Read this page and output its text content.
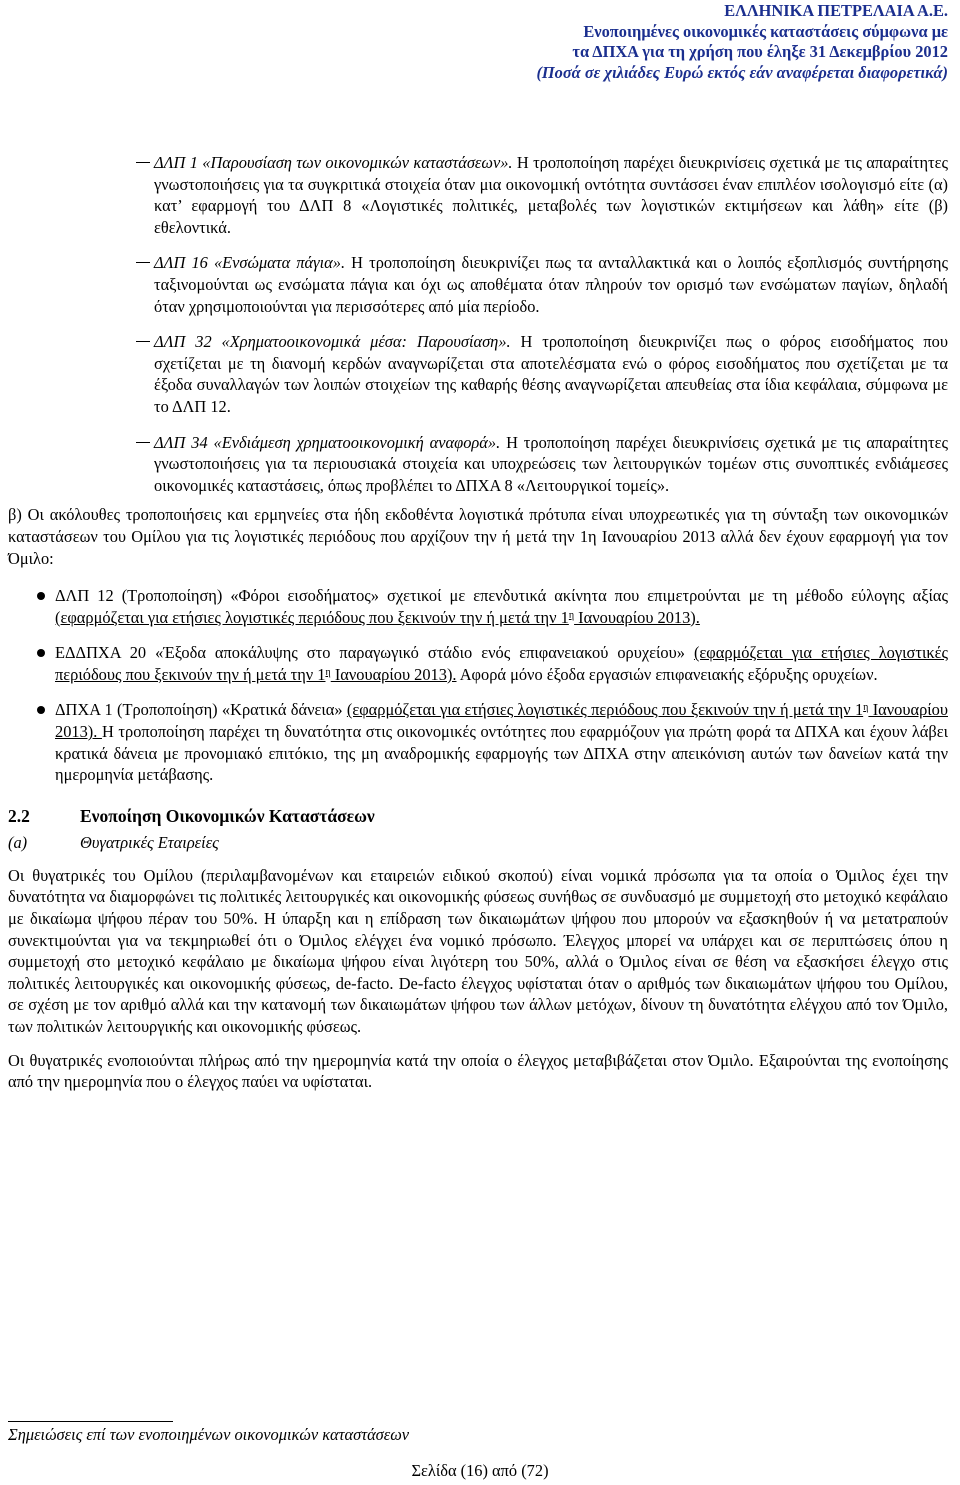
ΕΛΛΗΝΙΚΑ ΠΕΤΡΕΛΑΙΑ Α.Ε.
Ενοποιημένες οικονομικές καταστάσεις σύμφωνα με
τα ΔΠΧΑ για τη χρήση που έληξε 31 Δεκεμβρίου 2012
(Ποσά σε χιλιάδες Ευρώ εκτός εάν αναφέρεται διαφορετικά)
ΔΛΠ 1 «Παρουσίαση των οικονομικών καταστάσεων». Η τροποποίηση παρέχει διευκρινίσεις σχετικά με τις απαραίτητες γνωστοποιήσεις για τα συγκριτικά στοιχεία όταν μια οικονομική οντότητα συντάσσει έναν επιπλέον ισολογισμό είτε (α) κατ’ εφαρμογή του ΔΛΠ 8 «Λογιστικές πολιτικές, μεταβολές των λογιστικών εκτιμήσεων και λάθη» είτε (β) εθελοντικά.
ΔΛΠ 16 «Ενσώματα πάγια». Η τροποποίηση διευκρινίζει πως τα ανταλλακτικά και ο λοιπός εξοπλισμός συντήρησης ταξινομούνται ως ενσώματα πάγια και όχι ως αποθέματα όταν πληρούν τον ορισμό των ενσώματων παγίων, δηλαδή όταν χρησιμοποιούνται για περισσότερες από μία περίοδο.
ΔΛΠ 32 «Χρηματοοικονομικά μέσα: Παρουσίαση». Η τροποποίηση διευκρινίζει πως ο φόρος εισοδήματος που σχετίζεται με τη διανομή κερδών αναγνωρίζεται στα αποτελέσματα ενώ ο φόρος εισοδήματος που σχετίζεται με τα έξοδα συναλλαγών των λοιπών στοιχείων της καθαρής θέσης αναγνωρίζεται απευθείας στα ίδια κεφάλαια, σύμφωνα με το ΔΛΠ 12.
ΔΛΠ 34 «Ενδιάμεση χρηματοοικονομική αναφορά». Η τροποποίηση παρέχει διευκρινίσεις σχετικά με τις απαραίτητες γνωστοποιήσεις για τα περιουσιακά στοιχεία και υποχρεώσεις των λειτουργικών τομέων στις συνοπτικές ενδιάμεσες οικονομικές καταστάσεις, όπως προβλέπει το ΔΠΧΑ 8 «Λειτουργικοί τομείς».

β) Οι ακόλουθες τροποποιήσεις και ερμηνείες στα ήδη εκδοθέντα λογιστικά πρότυπα είναι υποχρεωτικές για τη σύνταξη των οικονομικών καταστάσεων του Ομίλου για τις λογιστικές περιόδους που αρχίζουν την ή μετά την 1η Ιανουαρίου 2013 αλλά δεν έχουν εφαρμογή για τον Όμιλο:

ΔΛΠ 12 (Τροποποίηση) «Φόροι εισοδήματος» σχετικοί με επενδυτικά ακίνητα που επιμετρούνται με τη μέθοδο εύλογης αξίας (εφαρμόζεται για ετήσιες λογιστικές περιόδους που ξεκινούν την ή μετά την $1^\eta$ Ιανουαρίου 2013).
ΕΔΔΠΧΑ 20 «Έξοδα αποκάλυψης στο παραγωγικό στάδιο ενός επιφανειακού ορυχείου» (εφαρμόζεται για ετήσιες λογιστικές περιόδους που ξεκινούν την ή μετά την $1^\eta$ Ιανουαρίου 2013). Αφορά μόνο έξοδα εργασιών επιφανειακής εξόρυξης ορυχείων.
ΔΠΧΑ 1 (Τροποποίηση) «Κρατικά δάνεια» (εφαρμόζεται για ετήσιες λογιστικές περιόδους που ξεκινούν την ή μετά την $1^\eta$ Ιανουαρίου 2013). Η τροποποίηση παρέχει τη δυνατότητα στις οικονομικές οντότητες που εφαρμόζουν για πρώτη φορά τα ΔΠΧΑ και έχουν λάβει κρατικά δάνεια με προνομιακό επιτόκιο, της μη αναδρομικής εφαρμογής των ΔΠΧΑ στην απεικόνιση αυτών των δανείων κατά την ημερομηνία μετάβασης.
2.2	Ενοποίηση Οικονομικών Καταστάσεων
(a)	Θυγατρικές Εταιρείες

Οι θυγατρικές του Ομίλου (περιλαμβανομένων και εταιρειών ειδικού σκοπού) είναι νομικά πρόσωπα για τα οποία ο Όμιλος έχει την δυνατότητα να διαμορφώνει τις πολιτικές λειτουργικές και οικονομικής φύσεως συνήθως σε συνδυασμό με συμμετοχή στο μετοχικό κεφάλαιο με δικαίωμα ψήφου πέραν του 50%. Η ύπαρξη και η επίδραση των δικαιωμάτων ψήφου που μπορούν να εξασκηθούν ή να μετατραπούν συνεκτιμούνται για να τεκμηριωθεί ότι ο Όμιλος ελέγχει ένα νομικό πρόσωπο. Έλεγχος μπορεί να υπάρχει και σε περιπτώσεις όπου η συμμετοχή στο μετοχικό κεφάλαιο με δικαίωμα ψήφου είναι λιγότερη του 50%, αλλά ο Όμιλος είναι σε θέση να εξασκήσει έλεγχο στις πολιτικές λειτουργικές και οικονομικής φύσεως, de-facto. De-facto έλεγχος υφίσταται όταν ο αριθμός των δικαιωμάτων ψήφου του Ομίλου, σε σχέση με τον αριθμό αλλά και την κατανομή των δικαιωμάτων ψήφου των άλλων μετόχων, δίνουν τη δυνατότητα ελέγχου από τον Όμιλο, των πολιτικών λειτουργικής και οικονομικής φύσεως.

Οι θυγατρικές ενοποιούνται πλήρως από την ημερομηνία κατά την οποία ο έλεγχος μεταβιβάζεται στον Όμιλο. Εξαιρούνται της ενοποίησης από την ημερομηνία που ο έλεγχος παύει να υφίσταται.

Σημειώσεις επί των ενοποιημένων οικονομικών καταστάσεων
Σελίδα (16) από (72)
